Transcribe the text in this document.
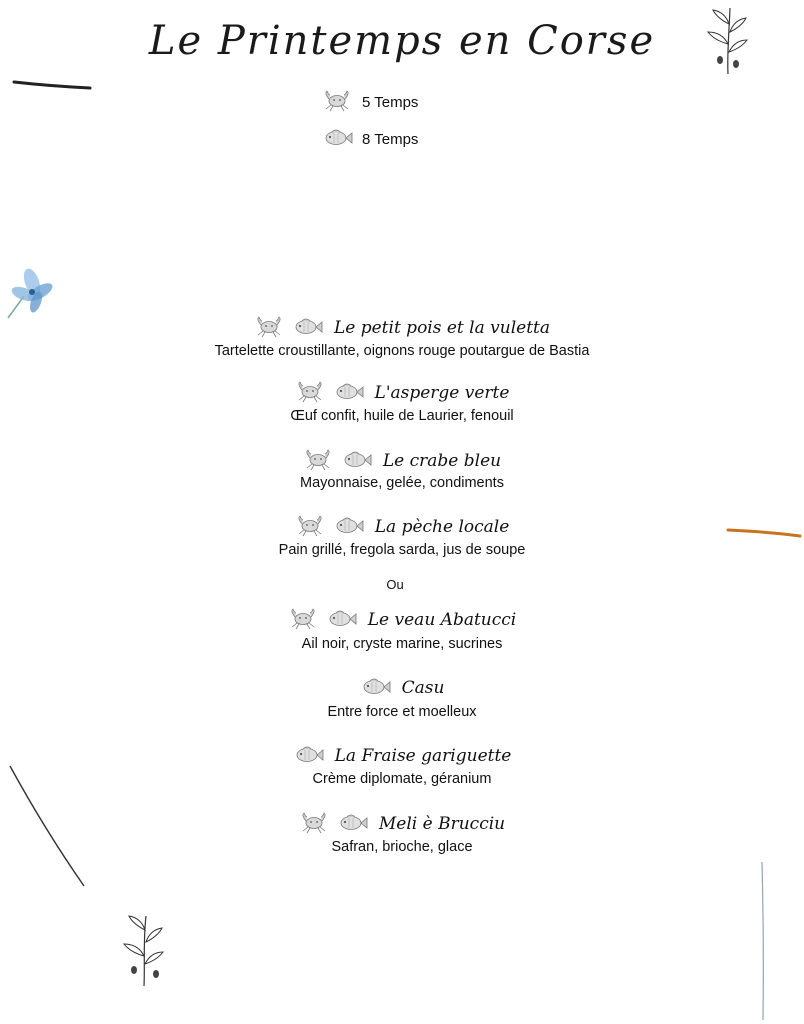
Le Printemps en Corse
5 Temps
8 Temps
Le petit pois et la vuletta
Tartelette croustillante, oignons rouge poutargue de Bastia
L'asperge verte
Œuf confit, huile de Laurier, fenouil
Le crabe bleu
Mayonnaise, gelée, condiments
La pèche locale
Pain grillé, fregola sarda, jus de soupe
Ou
Le veau Abatucci
Ail noir, cryste marine, sucrines
Casu
Entre force et moelleux
La Fraise gariguette
Crème diplomate, géranium
Meli è Brucciu
Safran, brioche, glace
